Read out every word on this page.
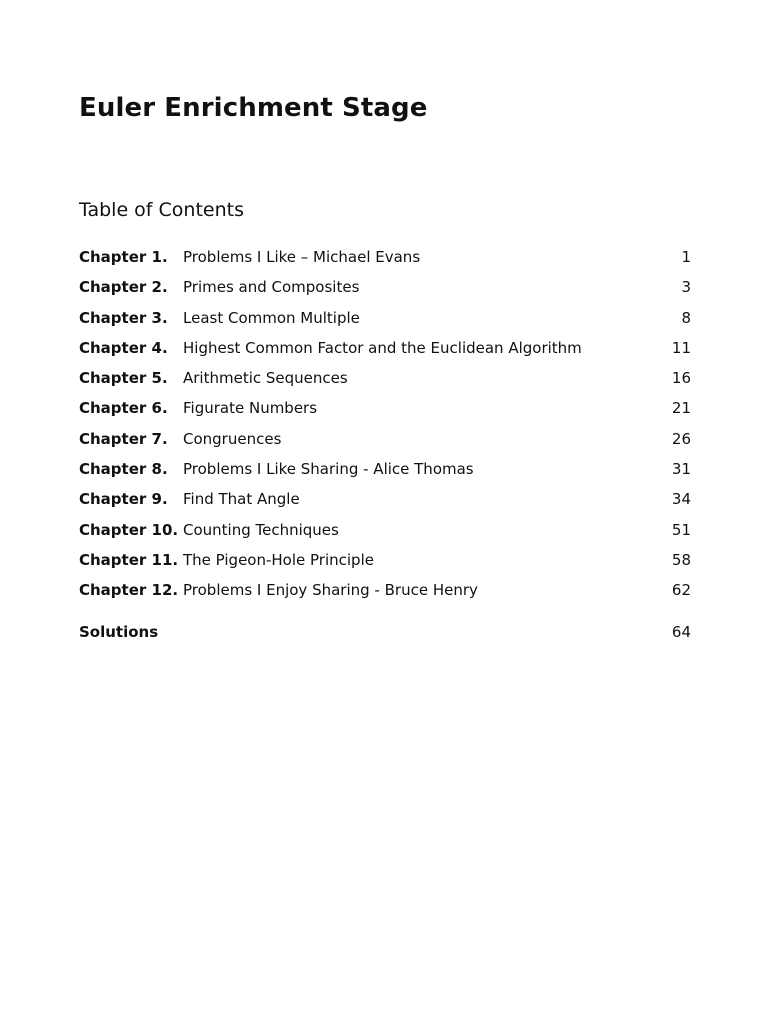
Euler Enrichment Stage
Table of Contents
Chapter 1. Problems I Like – Michael Evans	1
Chapter 2. Primes and Composites	3
Chapter 3. Least Common Multiple	8
Chapter 4. Highest Common Factor and the Euclidean Algorithm	11
Chapter 5. Arithmetic Sequences	16
Chapter 6. Figurate Numbers	21
Chapter 7. Congruences	26
Chapter 8. Problems I Like Sharing - Alice Thomas	31
Chapter 9. Find That Angle	34
Chapter 10. Counting Techniques	51
Chapter 11. The Pigeon-Hole Principle	58
Chapter 12. Problems I Enjoy Sharing - Bruce Henry	62
Solutions	64
